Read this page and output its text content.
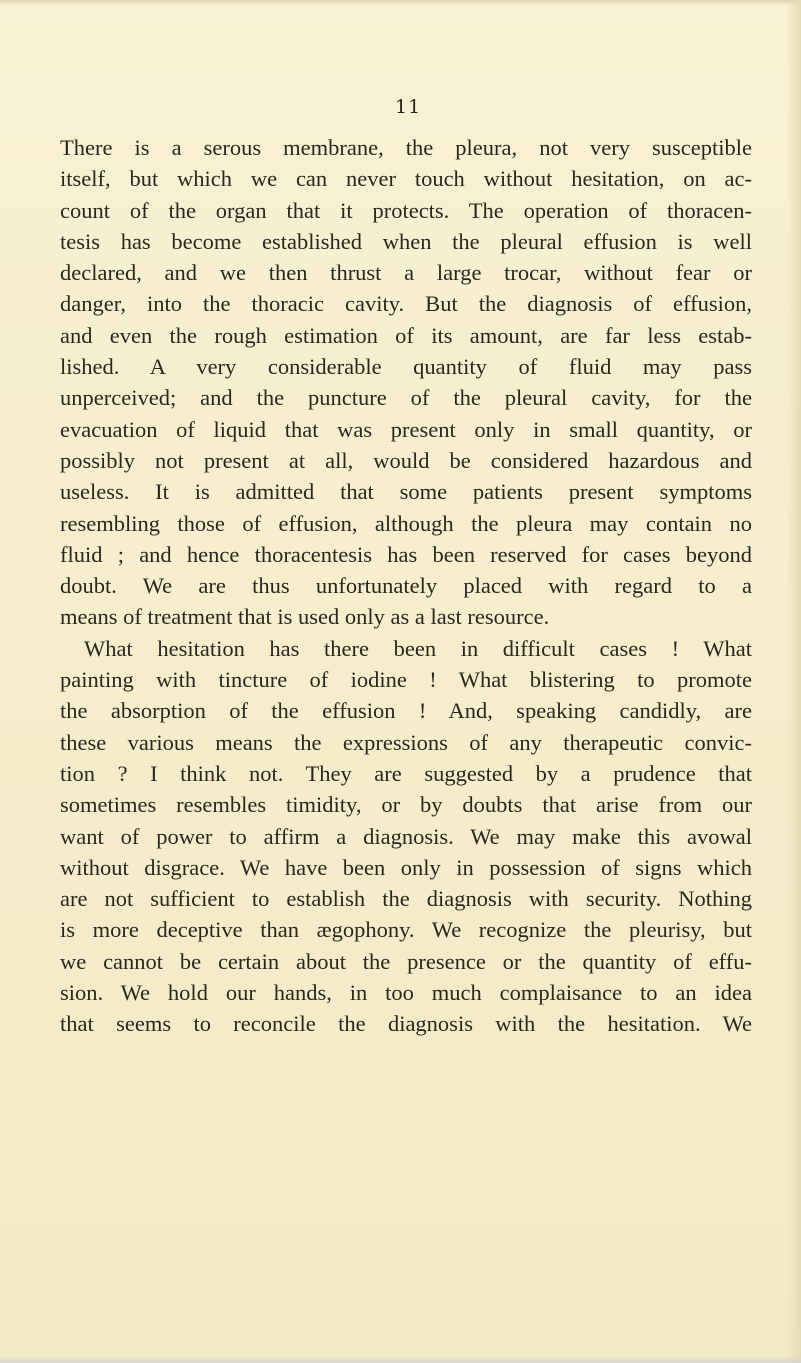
11
There is a serous membrane, the pleura, not very susceptible
itself, but which we can never touch without hesitation, on ac-
count of the organ that it protects. The operation of thoracen-
tesis has become established when the pleural effusion is well
declared, and we then thrust a large trocar, without fear or
danger, into the thoracic cavity. But the diagnosis of effusion,
and even the rough estimation of its amount, are far less estab-
lished. A very considerable quantity of fluid may pass
unperceived; and the puncture of the pleural cavity, for the
evacuation of liquid that was present only in small quantity, or
possibly not present at all, would be considered hazardous and
useless. It is admitted that some patients present symptoms
resembling those of effusion, although the pleura may contain no
fluid ; and hence thoracentesis has been reserved for cases beyond
doubt. We are thus unfortunately placed with regard to a
means of treatment that is used only as a last resource.
What hesitation has there been in difficult cases ! What
painting with tincture of iodine ! What blistering to promote
the absorption of the effusion ! And, speaking candidly, are
these various means the expressions of any therapeutic convic-
tion ? I think not. They are suggested by a prudence that
sometimes resembles timidity, or by doubts that arise from our
want of power to affirm a diagnosis. We may make this avowal
without disgrace. We have been only in possession of signs which
are not sufficient to establish the diagnosis with security. Nothing
is more deceptive than ægophony. We recognize the pleurisy, but
we cannot be certain about the presence or the quantity of effu-
sion. We hold our hands, in too much complaisance to an idea
that seems to reconcile the diagnosis with the hesitation. We
